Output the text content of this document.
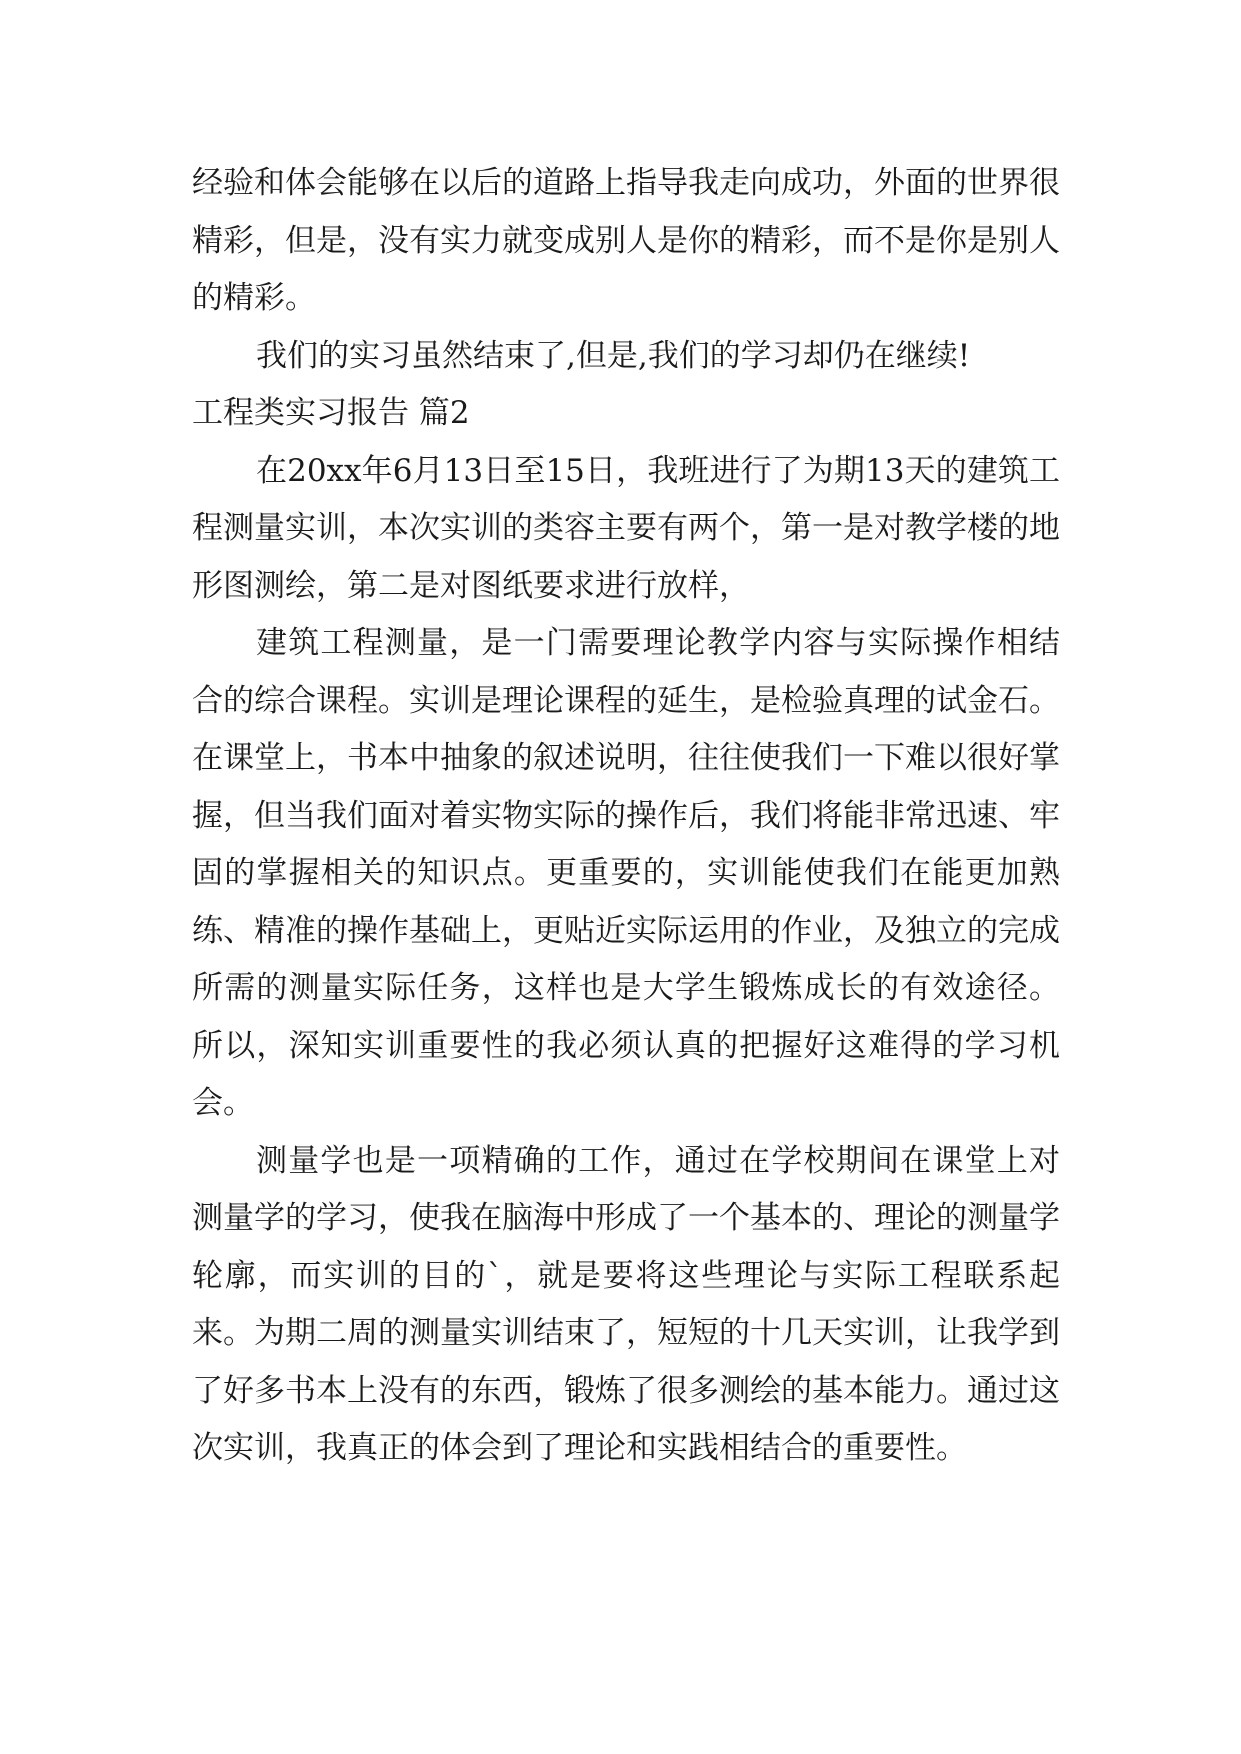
经验和体会能够在以后的道路上指导我走向成功，外面的世界很精彩，但是，没有实力就变成别人是你的精彩，而不是你是别人的精彩。

我们的实习虽然结束了,但是,我们的学习却仍在继续!

工程类实习报告 篇2

在20xx年6月13日至15日，我班进行了为期13天的建筑工程测量实训，本次实训的类容主要有两个，第一是对教学楼的地形图测绘，第二是对图纸要求进行放样，

建筑工程测量，是一门需要理论教学内容与实际操作相结合的综合课程。实训是理论课程的延生，是检验真理的试金石。在课堂上，书本中抽象的叙述说明，往往使我们一下难以很好掌握，但当我们面对着实物实际的操作后，我们将能非常迅速、牢固的掌握相关的知识点。更重要的，实训能使我们在能更加熟练、精准的操作基础上，更贴近实际运用的作业，及独立的完成所需的测量实际任务，这样也是大学生锻炼成长的有效途径。 所以，深知实训重要性的我必须认真的把握好这难得的学习机会。

测量学也是一项精确的工作，通过在学校期间在课堂上对测量学的学习，使我在脑海中形成了一个基本的、理论的测量学轮廓，而实训的目的`，就是要将这些理论与实际工程联系起来。为期二周的测量实训结束了，短短的十几天实训，让我学到了好多书本上没有的东西，锻炼了很多测绘的基本能力。通过这次实训，我真正的体会到了理论和实践相结合的重要性。
